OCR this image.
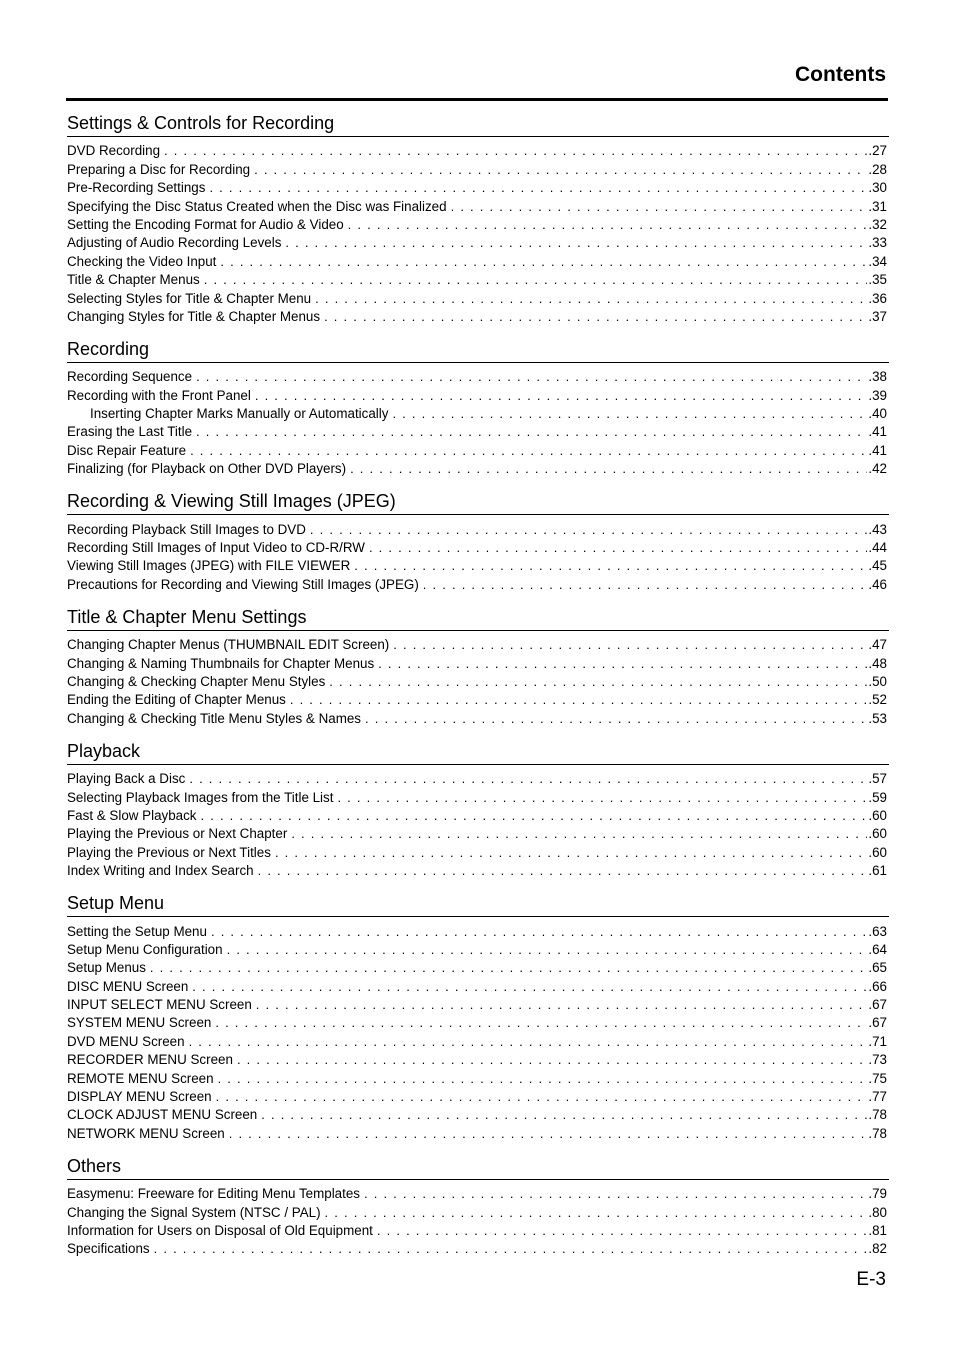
Contents
Settings & Controls for Recording
DVD Recording . . .	.27
Preparing a Disc for Recording . . .	.28
Pre-Recording Settings . . .	.30
Specifying the Disc Status Created when the Disc was Finalized . . .	.31
Setting the Encoding Format for Audio & Video . . .	.32
Adjusting of Audio Recording Levels . . .	.33
Checking the Video Input . . .	.34
Title & Chapter Menus . . .	.35
Selecting Styles for Title & Chapter Menu . . .	.36
Changing Styles for Title & Chapter Menus . . .	.37
Recording
Recording Sequence . . .	.38
Recording with the Front Panel . . .	.39
Inserting Chapter Marks Manually or Automatically . . .	.40
Erasing the Last Title . . .	.41
Disc Repair Feature . . .	.41
Finalizing (for Playback on Other DVD Players) . . .	.42
Recording & Viewing Still Images (JPEG)
Recording Playback Still Images to DVD . . .	.43
Recording Still Images of Input Video to CD-R/RW . . .	.44
Viewing Still Images (JPEG) with FILE VIEWER . . .	.45
Precautions for Recording and Viewing Still Images (JPEG) . . .	.46
Title & Chapter Menu Settings
Changing Chapter Menus (THUMBNAIL EDIT Screen) . . .	.47
Changing & Naming Thumbnails for Chapter Menus . . .	.48
Changing & Checking Chapter Menu Styles . . .	.50
Ending the Editing of Chapter Menus . . .	.52
Changing & Checking Title Menu Styles & Names . . .	.53
Playback
Playing Back a Disc . . .	.57
Selecting Playback Images from the Title List . . .	.59
Fast & Slow Playback . . .	.60
Playing the Previous or Next Chapter . . .	.60
Playing the Previous or Next Titles . . .	.60
Index Writing and Index Search . . .	.61
Setup Menu
Setting the Setup Menu . . .	.63
Setup Menu Configuration . . .	.64
Setup Menus . . .	.65
DISC MENU Screen . . .	.66
INPUT SELECT MENU Screen . . .	.67
SYSTEM MENU Screen . . .	.67
DVD MENU Screen . . .	.71
RECORDER MENU Screen . . .	.73
REMOTE MENU Screen . . .	.75
DISPLAY MENU Screen . . .	.77
CLOCK ADJUST MENU Screen . . .	.78
NETWORK MENU Screen . . .	.78
Others
Easymenu: Freeware for Editing Menu Templates . . .	.79
Changing the Signal System (NTSC / PAL) . . .	.80
Information for Users on Disposal of Old Equipment . . .	.81
Specifications . . .	.82
E-3
